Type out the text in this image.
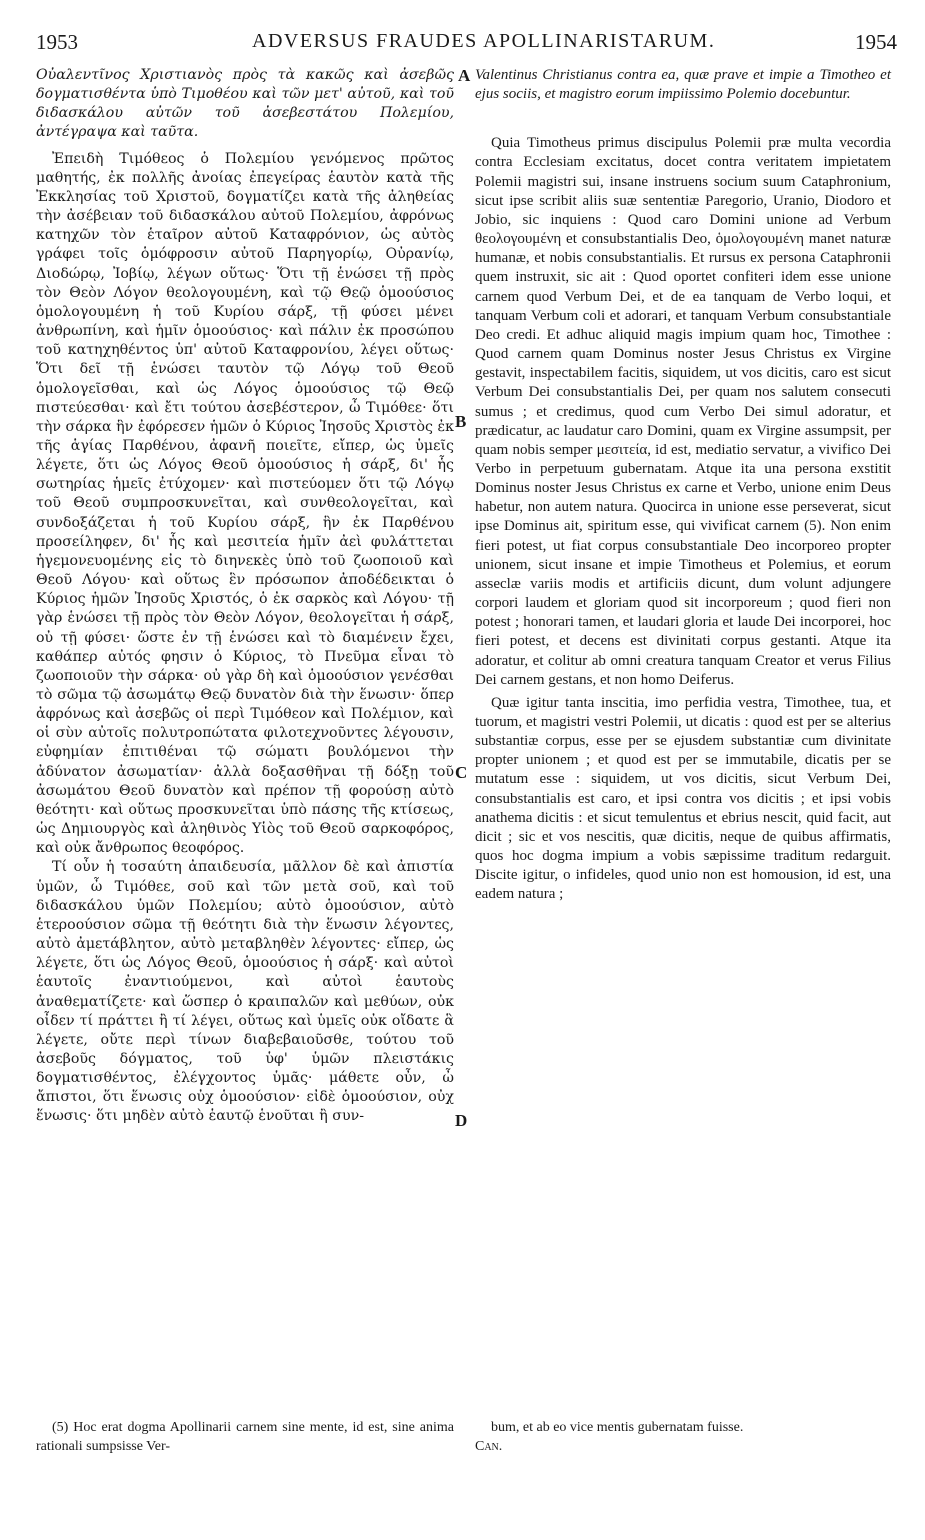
1953	ADVERSUS FRAUDES APOLLINARISTARUM.	1954

Οὐαλεντῖνος Χριστιανὸς πρὸς τὰ κακῶς καὶ ἀσεβῶς δογματισθέντα ὑπὸ Τιμοθέου καὶ τῶν μετ' αὐτοῦ, καὶ τοῦ διδασκάλου αὐτῶν τοῦ ἀσεβεστάτου Πολεμίου, ἀντέγραψα καὶ ταῦτα.

Ἐπειδὴ Τιμόθεος ὁ Πολεμίου γενόμενος πρῶτος μαθητής, ἐκ πολλῆς ἀνοίας ἐπεγείρας ἑαυτὸν κατὰ τῆς Ἐκκλησίας τοῦ Χριστοῦ, δογματίζει κατὰ τῆς ἀληθείας τὴν ἀσέβειαν τοῦ διδασκάλου αὐτοῦ Πολεμίου, ἀφρόνως κατηχῶν τὸν ἑταῖρον αὐτοῦ Καταφρόνιον, ὡς αὐτὸς γράφει τοῖς ὁμόφροσιν αὐτοῦ Παρηγορίῳ, Οὐρανίῳ, Διοδώρῳ, Ἰοβίῳ, λέγων οὕτως· Ὅτι τῇ ἑνώσει τῇ πρὸς τὸν Θεὸν Λόγον θεολογουμένη, καὶ τῷ Θεῷ ὁμοούσιος ὁμολογουμένη ἡ τοῦ Κυρίου σάρξ, τῇ φύσει μένει ἀνθρωπίνη, καὶ ἡμῖν ὁμοούσιος· καὶ πάλιν ἐκ προσώπου τοῦ κατηχηθέντος ὑπ' αὐτοῦ Καταφρονίου, λέγει οὕτως· Ὅτι δεῖ τῇ ἑνώσει ταυτὸν τῷ Λόγῳ τοῦ Θεοῦ ὁμολογεῖσθαι, καὶ ὡς Λόγος ὁμοούσιος τῷ Θεῷ πιστεύεσθαι· καὶ ἔτι τούτου ἀσεβέστερον, ὦ Τιμόθεε· ὅτι τὴν σάρκα ἣν ἐφόρεσεν ἡμῶν ὁ Κύριος Ἰησοῦς Χριστὸς ἐκ τῆς ἁγίας Παρθένου, ἀφανῆ ποιεῖτε, εἴπερ, ὡς ὑμεῖς λέγετε, ὅτι ὡς Λόγος Θεοῦ ὁμοούσιος ἡ σάρξ, δι' ἧς σωτηρίας ἡμεῖς ἐτύχομεν· καὶ πιστεύομεν ὅτι τῷ Λόγῳ τοῦ Θεοῦ συμπροσκυνεῖται, καὶ συνθεολογεῖται, καὶ συνδοξάζεται ἡ τοῦ Κυρίου σάρξ, ἣν ἐκ Παρθένου προσείληφεν, δι' ἧς καὶ μεσιτεία ἡμῖν ἀεὶ φυλάττεται ἡγεμονευομένης εἰς τὸ διηνεκὲς ὑπὸ τοῦ ζωοποιοῦ καὶ Θεοῦ Λόγου· καὶ οὕτως ἓν πρόσωπον ἀποδέδεικται ὁ Κύριος ἡμῶν Ἰησοῦς Χριστός, ὁ ἐκ σαρκὸς καὶ Λόγου· τῇ γὰρ ἑνώσει τῇ πρὸς τὸν Θεὸν Λόγον, θεολογεῖται ἡ σάρξ, οὐ τῇ φύσει· ὥστε ἐν τῇ ἑνώσει καὶ τὸ διαμένειν ἔχει, καθάπερ αὐτός φησιν ὁ Κύριος, τὸ Πνεῦμα εἶναι τὸ ζωοποιοῦν τὴν σάρκα· οὐ γὰρ δὴ καὶ ὁμοούσιον γενέσθαι τὸ σῶμα τῷ ἀσωμάτῳ Θεῷ δυνατὸν διὰ τὴν ἕνωσιν· ὅπερ ἀφρόνως καὶ ἀσεβῶς οἱ περὶ Τιμόθεον καὶ Πολέμιον, καὶ οἱ σὺν αὐτοῖς πολυτροπώτατα φιλοτεχνοῦντες λέγουσιν, εὐφημίαν ἐπιτιθέναι τῷ σώματι βουλόμενοι τὴν ἀδύνατον ἀσωματίαν· ἀλλὰ δοξασθῆναι τῇ δόξῃ τοῦ ἀσωμάτου Θεοῦ δυνατὸν καὶ πρέπον τῇ φορούσῃ αὐτὸ θεότητι· καὶ οὕτως προσκυνεῖται ὑπὸ πάσης τῆς κτίσεως, ὡς Δημιουργὸς καὶ ἀληθινὸς Υἱὸς τοῦ Θεοῦ σαρκοφόρος, καὶ οὐκ ἄνθρωπος θεοφόρος.

Τί οὖν ἡ τοσαύτη ἀπαιδευσία, μᾶλλον δὲ καὶ ἀπιστία ὑμῶν, ὦ Τιμόθεε, σοῦ καὶ τῶν μετὰ σοῦ, καὶ τοῦ διδασκάλου ὑμῶν Πολεμίου; αὐτὸ ὁμοούσιον, αὐτὸ ἑτεροούσιον σῶμα τῇ θεότητι διὰ τὴν ἕνωσιν λέγοντες, αὐτὸ ἀμετάβλητον, αὐτὸ μεταβληθὲν λέγοντες· εἴπερ, ὡς λέγετε, ὅτι ὡς Λόγος Θεοῦ, ὁμοούσιος ἡ σάρξ· καὶ αὐτοὶ ἑαυτοῖς ἐναντιούμενοι, καὶ αὐτοὶ ἑαυτοὺς ἀναθεματίζετε· καὶ ὥσπερ ὁ κραιπαλῶν καὶ μεθύων, οὐκ οἶδεν τί πράττει ἢ τί λέγει, οὕτως καὶ ὑμεῖς οὐκ οἴδατε ἃ λέγετε, οὔτε περὶ τίνων διαβεβαιοῦσθε, τούτου τοῦ ἀσεβοῦς δόγματος, τοῦ ὑφ' ὑμῶν πλειστάκις δογματισθέντος, ἐλέγχοντος ὑμᾶς· μάθετε οὖν, ὦ ἄπιστοι, ὅτι ἕνωσις οὐχ ὁμοούσιον· εἰδὲ ὁμοούσιον, οὐχ ἕνωσις· ὅτι μηδὲν αὐτὸ ἑαυτῷ ἑνοῦται ἢ συν-

A
B
C
D

Valentinus Christianus contra ea, quæ prave et impie a Timotheo et ejus sociis, et magistro eorum impiissimo Polemio docebuntur.

Quia Timotheus primus discipulus Polemii præ multa vecordia contra Ecclesiam excitatus, docet contra veritatem impietatem Polemii magistri sui, insane instruens socium suum Cataphronium, sicut ipse scribit aliis suæ sententiæ Paregorio, Uranio, Diodoro et Jobio, sic inquiens : Quod caro Domini unione ad Verbum θεολογουμένη et consubstantialis Deo, ὁμολογουμένη manet naturæ humanæ, et nobis consubstantialis. Et rursus ex persona Cataphronii quem instruxit, sic ait : Quod oportet confiteri idem esse unione carnem quod Verbum Dei, et de ea tanquam de Verbo loqui, et tanquam Verbum coli et adorari, et tanquam Verbum consubstantiale Deo credi. Et adhuc aliquid magis impium quam hoc, Timothee : Quod carnem quam Dominus noster Jesus Christus ex Virgine gestavit, inspectabilem facitis, siquidem, ut vos dicitis, caro est sicut Verbum Dei consubstantialis Dei, per quam nos salutem consecuti sumus ; et credimus, quod cum Verbo Dei simul adoratur, et prædicatur, ac laudatur caro Domini, quam ex Virgine assumpsit, per quam nobis semper μεσιτεία, id est, mediatio servatur, a vivifico Dei Verbo in perpetuum gubernatam. Atque ita una persona exstitit Dominus noster Jesus Christus ex carne et Verbo, unione enim Deus habetur, non autem natura. Quocirca in unione esse perseverat, sicut ipse Dominus ait, spiritum esse, qui vivificat carnem (5). Non enim fieri potest, ut fiat corpus consubstantiale Deo incorporeo propter unionem, sicut insane et impie Timotheus et Polemius, et eorum asseclæ variis modis et artificiis dicunt, dum volunt adjungere corpori laudem et gloriam quod sit incorporeum ; quod fieri non potest ; honorari tamen, et laudari gloria et laude Dei incorporei, hoc fieri potest, et decens est divinitati corpus gestanti. Atque ita adoratur, et colitur ab omni creatura tanquam Creator et verus Filius Dei carnem gestans, et non homo Deiferus.

Quæ igitur tanta inscitia, imo perfidia vestra, Timothee, tua, et tuorum, et magistri vestri Polemii, ut dicatis : quod est per se alterius substantiæ corpus, esse per se ejusdem substantiæ cum divinitate propter unionem ; et quod est per se immutabile, dicatis per se mutatum esse : siquidem, ut vos dicitis, sicut Verbum Dei, consubstantialis est caro, et ipsi contra vos dicitis ; et ipsi vobis anathema dicitis : et sicut temulentus et ebrius nescit, quid facit, aut dicit ; sic et vos nescitis, quæ dicitis, neque de quibus affirmatis, quos hoc dogma impium a vobis sæpissime traditum redarguit. Discite igitur, o infideles, quod unio non est homousion, id est, una eadem natura ;

(5) Hoc erat dogma Apollinarii carnem sine mente, id est, sine anima rationali sumpsisse Ver-

bum, et ab eo vice mentis gubernatam fuisse.
Can.
